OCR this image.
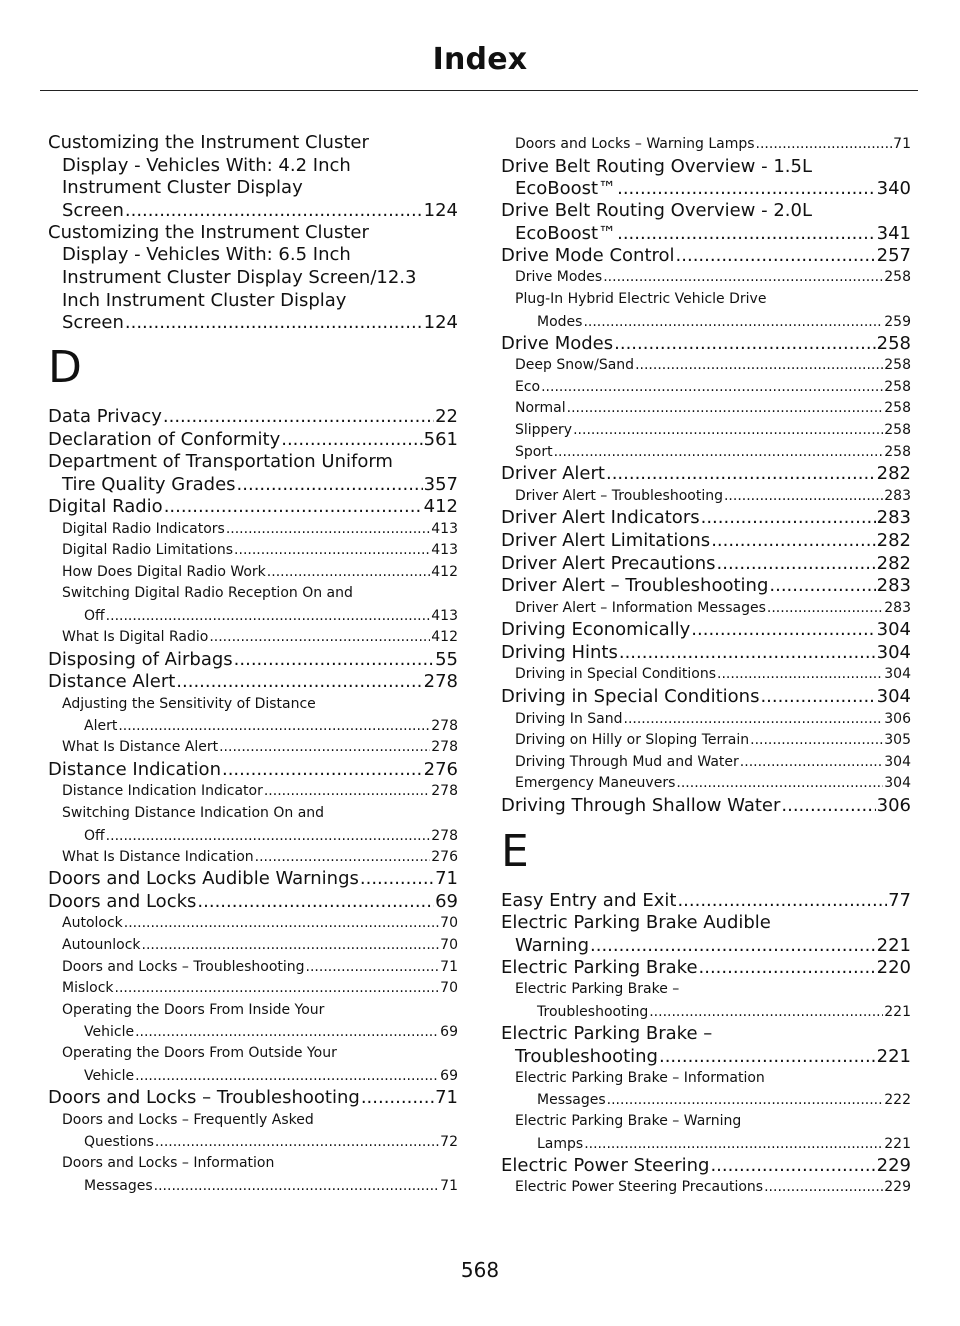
Index
Customizing the Instrument Cluster
Display - Vehicles With: 4.2 Inch
Instrument Cluster Display
Screen .....	124
Customizing the Instrument Cluster
Display - Vehicles With: 6.5 Inch
Instrument Cluster Display Screen/12.3
Inch Instrument Cluster Display
Screen .....	124
D
Data Privacy .....	22
Declaration of Conformity .....	561
Department of Transportation Uniform
Tire Quality Grades .....	357
Digital Radio .....	412
Digital Radio Indicators .....	413
Digital Radio Limitations .....	413
How Does Digital Radio Work .....	412
Switching Digital Radio Reception On and
Off .....	413
What Is Digital Radio .....	412
Disposing of Airbags .....	55
Distance Alert .....	278
Adjusting the Sensitivity of Distance
Alert .....	278
What Is Distance Alert .....	278
Distance Indication .....	276
Distance Indication Indicator .....	278
Switching Distance Indication On and
Off .....	278
What Is Distance Indication .....	276
Doors and Locks Audible Warnings .....	71
Doors and Locks .....	69
Autolock .....	70
Autounlock .....	70
Doors and Locks – Troubleshooting .....	71
Mislock .....	70
Operating the Doors From Inside Your
Vehicle .....	69
Operating the Doors From Outside Your
Vehicle .....	69
Doors and Locks – Troubleshooting .....	71
Doors and Locks – Frequently Asked
Questions .....	72
Doors and Locks – Information
Messages .....	71
Doors and Locks – Warning Lamps .....	71
Drive Belt Routing Overview - 1.5L
EcoBoost™ .....	340
Drive Belt Routing Overview - 2.0L
EcoBoost™ .....	341
Drive Mode Control .....	257
Drive Modes .....	258
Plug-In Hybrid Electric Vehicle Drive
Modes .....	259
Drive Modes .....	258
Deep Snow/Sand .....	258
Eco .....	258
Normal .....	258
Slippery .....	258
Sport .....	258
Driver Alert .....	282
Driver Alert – Troubleshooting .....	283
Driver Alert Indicators .....	283
Driver Alert Limitations .....	282
Driver Alert Precautions .....	282
Driver Alert – Troubleshooting .....	283
Driver Alert – Information Messages .....	283
Driving Economically .....	304
Driving Hints .....	304
Driving in Special Conditions .....	304
Driving in Special Conditions .....	304
Driving In Sand .....	306
Driving on Hilly or Sloping Terrain .....	305
Driving Through Mud and Water .....	304
Emergency Maneuvers .....	304
Driving Through Shallow Water .....	306
E
Easy Entry and Exit .....	77
Electric Parking Brake Audible
Warning .....	221
Electric Parking Brake .....	220
Electric Parking Brake –
Troubleshooting .....	221
Electric Parking Brake –
Troubleshooting .....	221
Electric Parking Brake – Information
Messages .....	222
Electric Parking Brake – Warning
Lamps .....	221
Electric Power Steering .....	229
Electric Power Steering Precautions .....	229
568
